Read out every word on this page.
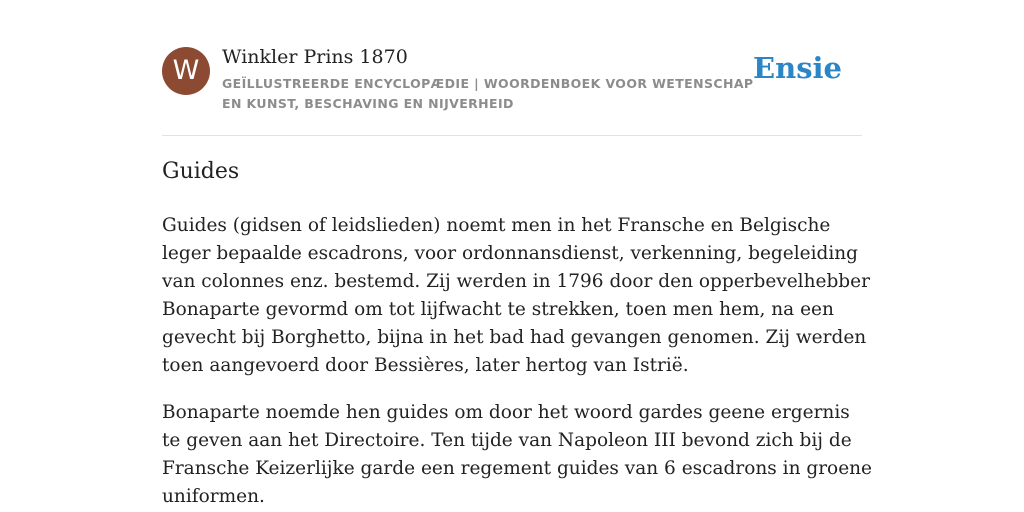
W	Winkler Prins 1870
GEÏLLUSTREERDE ENCYCLOPÆDIE | WOORDENBOEK VOOR WETENSCHAP EN KUNST, BESCHAVING EN NIJVERHEID
Ensie
Guides

Guides (gidsen of leidslieden) noemt men in het Fransche en Belgische leger bepaalde escadrons, voor ordonnansdienst, verkenning, begeleiding van colonnes enz. bestemd. Zij werden in 1796 door den opperbevelhebber Bonaparte gevormd om tot lijfwacht te strekken, toen men hem, na een gevecht bij Borghetto, bijna in het bad had gevangen genomen. Zij werden toen aangevoerd door Bessières, later hertog van Istrië.

Bonaparte noemde hen guides om door het woord gardes geene ergernis te geven aan het Directoire. Ten tijde van Napoleon III bevond zich bij de Fransche Keizerlijke garde een regement guides van 6 escadrons in groene uniformen.
